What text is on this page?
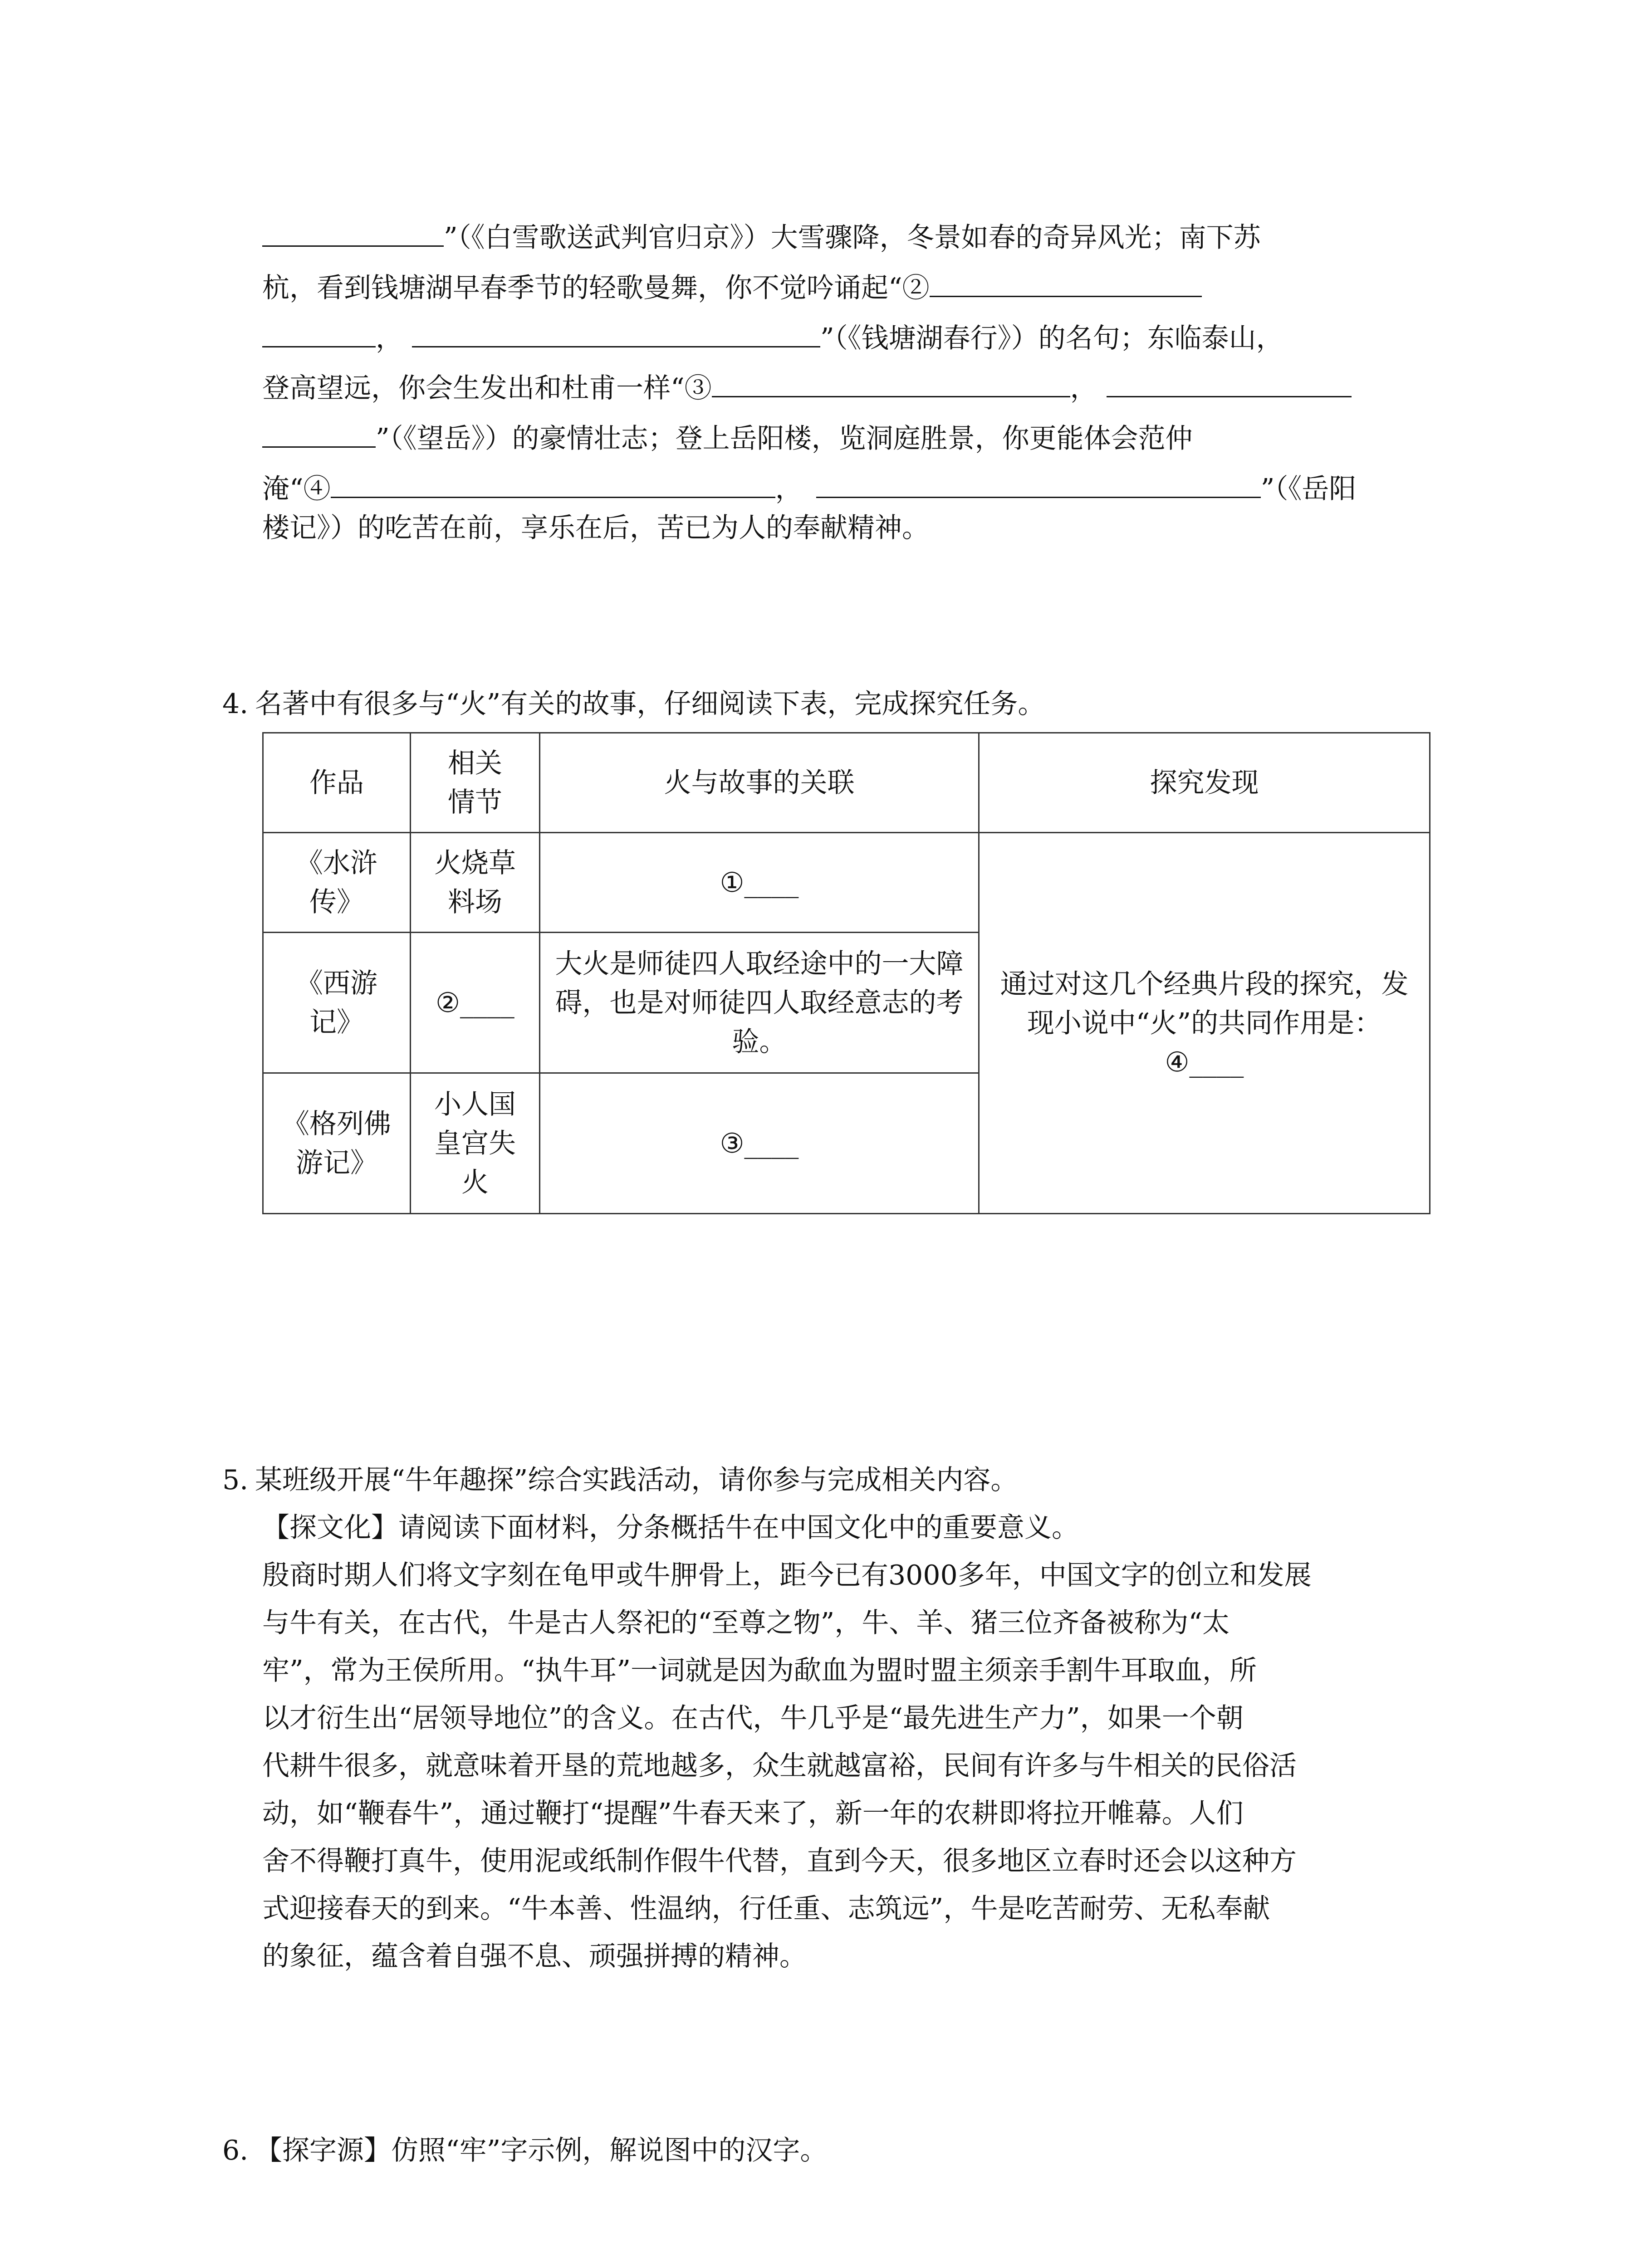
”（《白雪歌送武判官归京》）大雪骤降，冬景如春的奇异风光；南下苏
杭，看到钱塘湖早春季节的轻歌曼舞，你不觉吟诵起“②
，	”（《钱塘湖春行》）的名句；东临泰山，
登高望远，你会生发出和杜甫一样“③	，
”（《望岳》）的豪情壮志；登上岳阳楼，览洞庭胜景，你更能体会范仲
淹“④	，	”（《岳阳
楼记》）的吃苦在前，享乐在后，苦已为人的奉献精神。
4. 名著中有很多与“火”有关的故事，仔细阅读下表，完成探究任务。
作品	相关情节	火与故事的关联	探究发现
《水浒传》	火烧草料场	①____	通过对这几个经典片段的探究，发现小说中“火”的共同作用是：
④____
《西游记》	②____	大火是师徒四人取经途中的一大障碍，也是对师徒四人取经意志的考验。	
《格列佛游记》	小人国皇宫失火	③____	
5. 某班级开展“牛年趣探”综合实践活动，请你参与完成相关内容。
【探文化】请阅读下面材料，分条概括牛在中国文化中的重要意义。
殷商时期人们将文字刻在龟甲或牛胛骨上，距今已有3000多年，中国文字的创立和发展
与牛有关，在古代，牛是古人祭祀的“至尊之物”，牛、羊、猪三位齐备被称为“太
牢”，常为王侯所用。“执牛耳”一词就是因为歃血为盟时盟主须亲手割牛耳取血，所
以才衍生出“居领导地位”的含义。在古代，牛几乎是“最先进生产力”，如果一个朝
代耕牛很多，就意味着开垦的荒地越多，众生就越富裕，民间有许多与牛相关的民俗活
动，如“鞭春牛”，通过鞭打“提醒”牛春天来了，新一年的农耕即将拉开帷幕。人们
舍不得鞭打真牛，使用泥或纸制作假牛代替，直到今天，很多地区立春时还会以这种方
式迎接春天的到来。“牛本善、性温纳，行任重、志筑远”，牛是吃苦耐劳、无私奉献
的象征，蕴含着自强不息、顽强拼搏的精神。
6. 【探字源】仿照“牢”字示例，解说图中的汉字。
